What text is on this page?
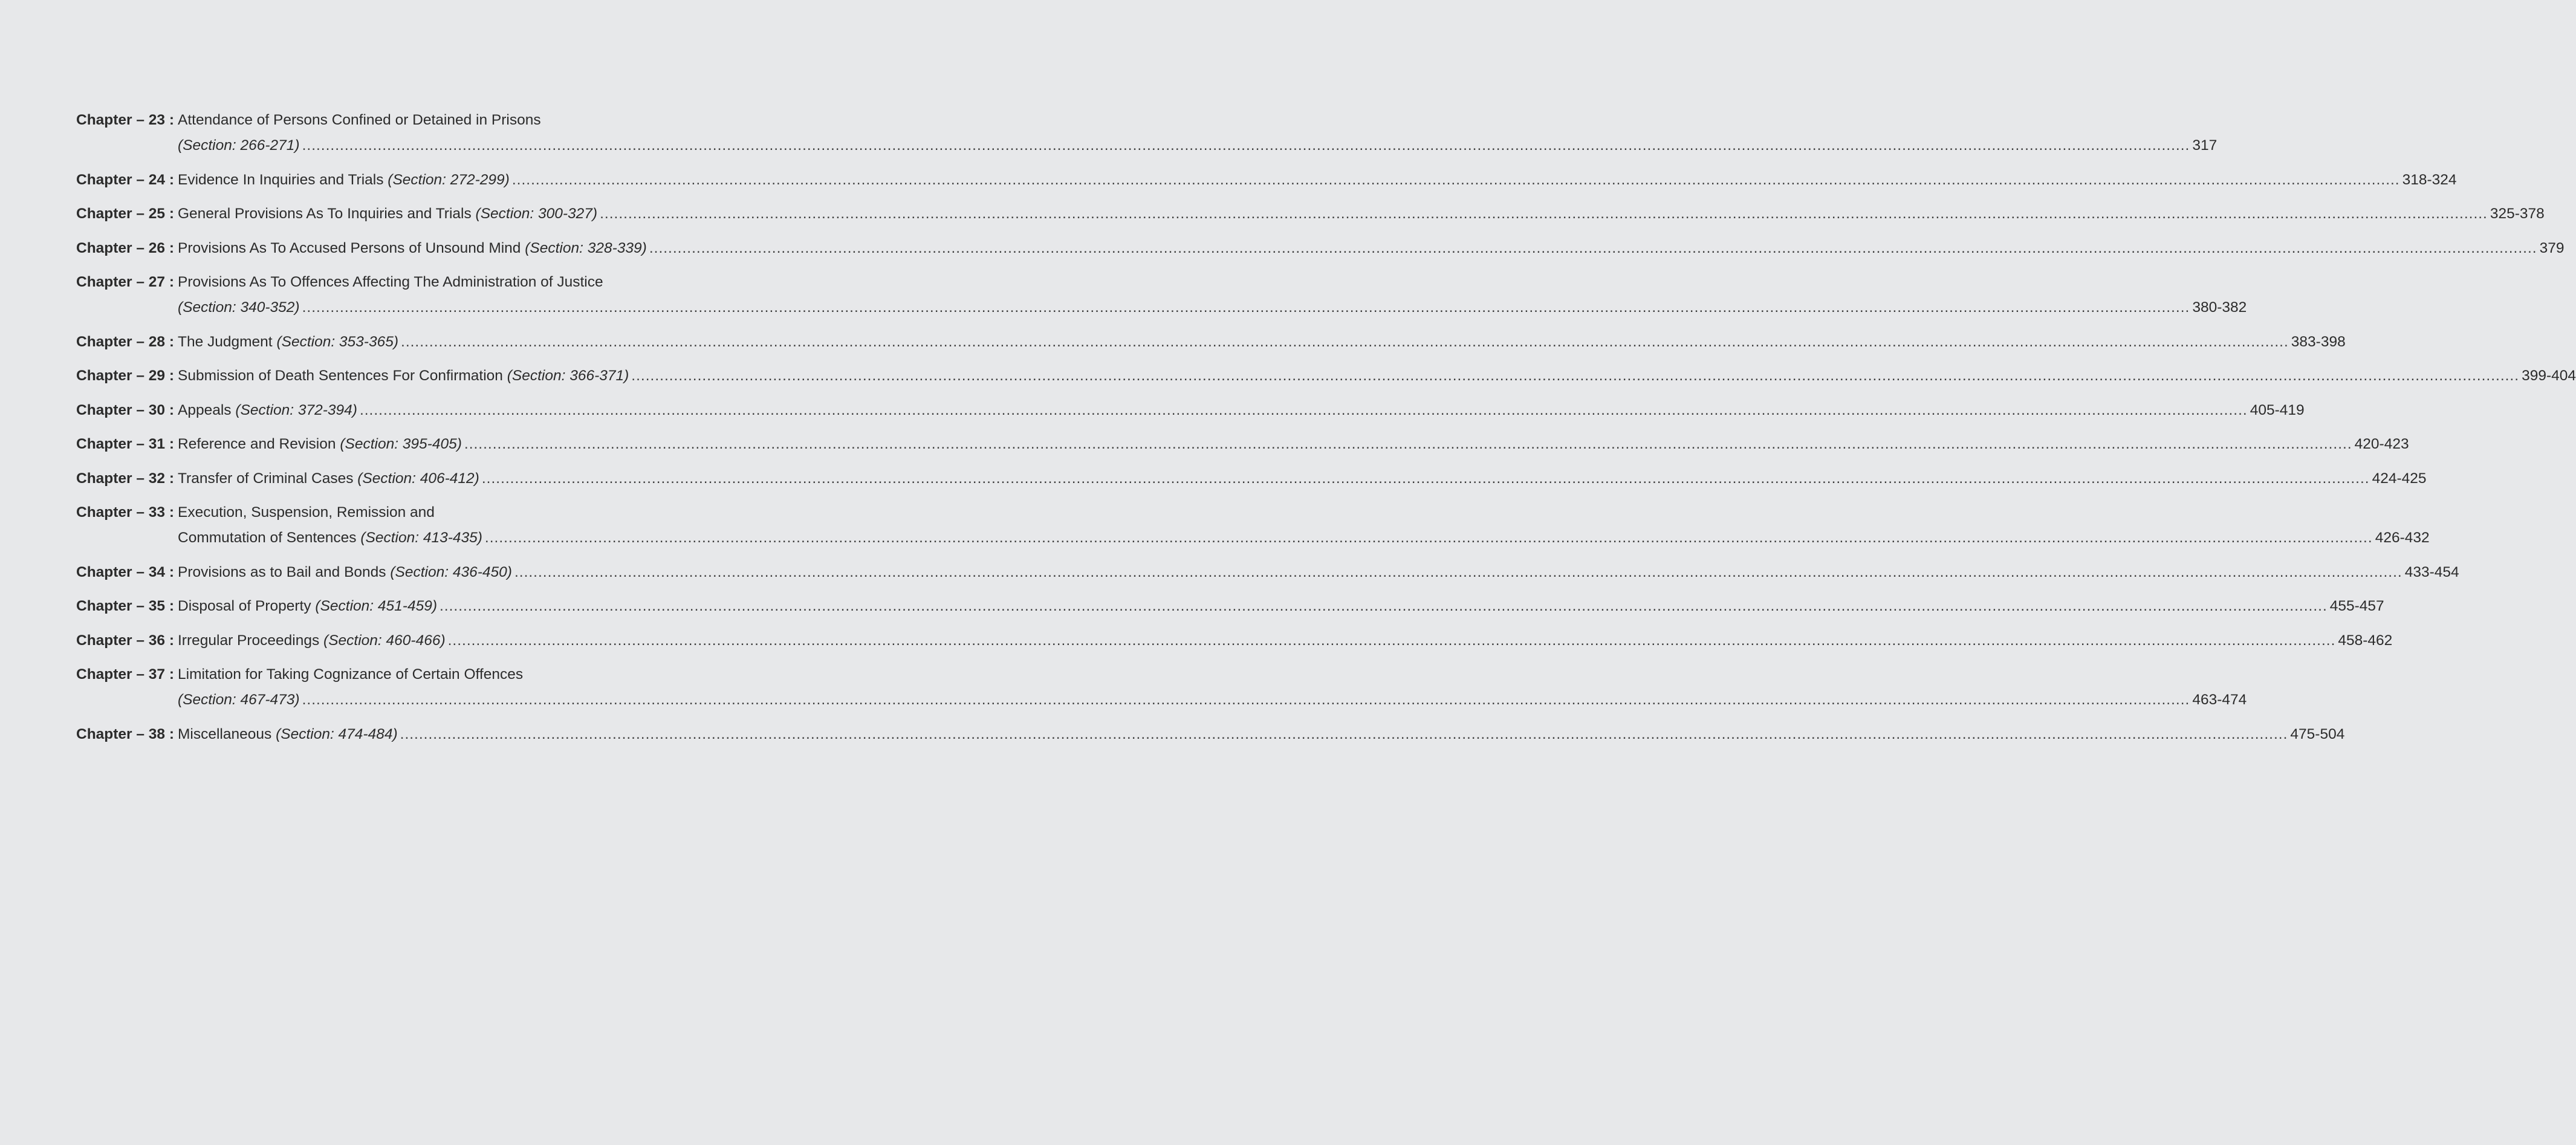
Chapter – 23 : Attendance of Persons Confined or Detained in Prisons
(Section: 266-271) ................................................................................................................................................................................................................................................................................................................................................................................................................ 317
Chapter – 24 : Evidence In Inquiries and Trials (Section: 272-299) ................................................................................................................................................................................................................................................................................................................................................................................................................ 318-324
Chapter – 25 : General Provisions As To Inquiries and Trials (Section: 300-327) ................................................................................................................................................................................................................................................................................................................................................................................................................ 325-378
Chapter – 26 : Provisions As To Accused Persons of Unsound Mind (Section: 328-339) ................................................................................................................................................................................................................................................................................................................................................................................................................ 379
Chapter – 27 : Provisions As To Offences Affecting The Administration of Justice
(Section: 340-352) ................................................................................................................................................................................................................................................................................................................................................................................................................ 380-382
Chapter – 28 : The Judgment (Section: 353-365) ................................................................................................................................................................................................................................................................................................................................................................................................................ 383-398
Chapter – 29 : Submission of Death Sentences For Confirmation (Section: 366-371) ................................................................................................................................................................................................................................................................................................................................................................................................................ 399-404
Chapter – 30 : Appeals (Section: 372-394) ................................................................................................................................................................................................................................................................................................................................................................................................................ 405-419
Chapter – 31 : Reference and Revision (Section: 395-405) ................................................................................................................................................................................................................................................................................................................................................................................................................ 420-423
Chapter – 32 : Transfer of Criminal Cases (Section: 406-412) ................................................................................................................................................................................................................................................................................................................................................................................................................ 424-425
Chapter – 33 : Execution, Suspension, Remission and
Commutation of Sentences (Section: 413-435) ................................................................................................................................................................................................................................................................................................................................................................................................................ 426-432
Chapter – 34 : Provisions as to Bail and Bonds (Section: 436-450) ................................................................................................................................................................................................................................................................................................................................................................................................................ 433-454
Chapter – 35 : Disposal of Property (Section: 451-459) ................................................................................................................................................................................................................................................................................................................................................................................................................ 455-457
Chapter – 36 : Irregular Proceedings (Section: 460-466) ................................................................................................................................................................................................................................................................................................................................................................................................................ 458-462
Chapter – 37 : Limitation for Taking Cognizance of Certain Offences
(Section: 467-473) ................................................................................................................................................................................................................................................................................................................................................................................................................ 463-474
Chapter – 38 : Miscellaneous (Section: 474-484) ................................................................................................................................................................................................................................................................................................................................................................................................................ 475-504
